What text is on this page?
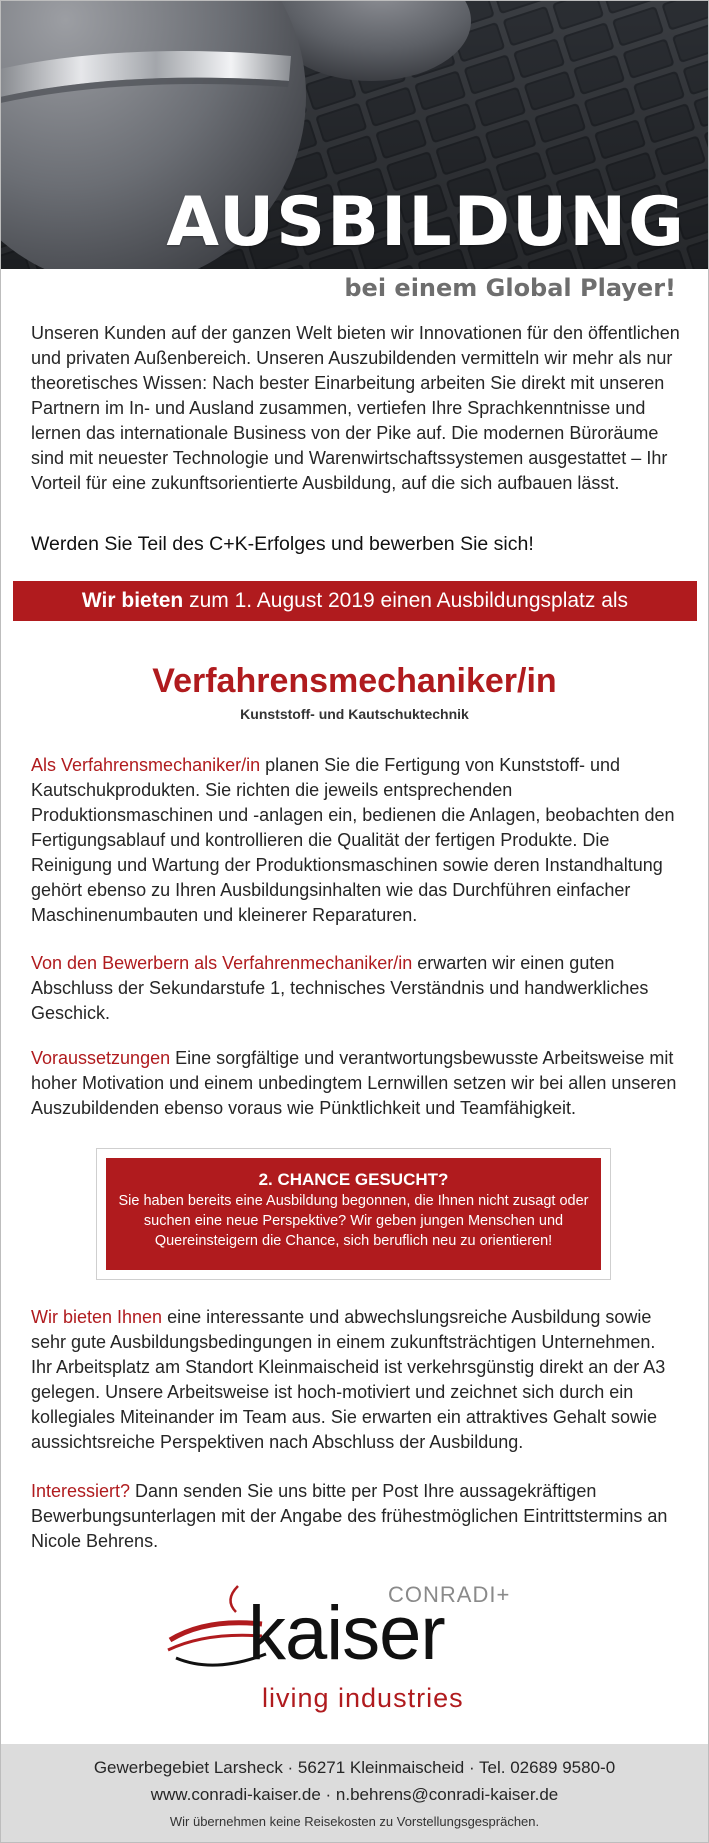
AUSBILDUNG
bei einem Global Player!

Unseren Kunden auf der ganzen Welt bieten wir Innovationen für den öffentlichen und privaten Außenbereich. Unseren Auszubildenden vermitteln wir mehr als nur theoretisches Wissen: Nach bester Einarbeitung arbeiten Sie direkt mit unseren Partnern im In- und Ausland zusammen, vertiefen Ihre Sprachkenntnisse und lernen das internationale Business von der Pike auf. Die modernen Büroräume sind mit neuester Technologie und Warenwirtschaftssystemen ausgestattet – Ihr Vorteil für eine zukunftsorientierte Ausbildung, auf die sich aufbauen lässt.

Werden Sie Teil des C+K-Erfolges und bewerben Sie sich!

Wir bieten zum 1. August 2019 einen Ausbildungsplatz als
Verfahrensmechaniker/in
Kunststoff- und Kautschuktechnik

Als Verfahrensmechaniker/in planen Sie die Fertigung von Kunststoff- und Kautschukprodukten. Sie richten die jeweils entsprechenden Produktionsmaschinen und -anlagen ein, bedienen die Anlagen, beobachten den Fertigungsablauf und kontrollieren die Qualität der fertigen Produkte. Die Reinigung und Wartung der Produktionsmaschinen sowie deren Instandhaltung gehört ebenso zu Ihren Ausbildungsinhalten wie das Durchführen einfacher Maschinenumbauten und kleinerer Reparaturen.

Von den Bewerbern als Verfahrenmechaniker/in erwarten wir einen guten Abschluss der Sekundarstufe 1, technisches Verständnis und handwerkliches Geschick.

Voraussetzungen Eine sorgfältige und verantwortungsbewusste Arbeitsweise mit hoher Motivation und einem unbedingtem Lernwillen setzen wir bei allen unseren Auszubildenden ebenso voraus wie Pünktlichkeit und Teamfähigkeit.

2. CHANCE GESUCHT?
Sie haben bereits eine Ausbildung begonnen, die Ihnen nicht zusagt oder suchen eine neue Perspektive? Wir geben jungen Menschen und Quereinsteigern die Chance, sich beruflich neu zu orientieren!

Wir bieten Ihnen eine interessante und abwechslungsreiche Ausbildung sowie sehr gute Ausbildungsbedingungen in einem zukunftsträchtigen Unternehmen. Ihr Arbeitsplatz am Standort Kleinmaischeid ist verkehrsgünstig direkt an der A3 gelegen. Unsere Arbeitsweise ist hoch-motiviert und zeichnet sich durch ein kollegiales Miteinander im Team aus. Sie erwarten ein attraktives Gehalt sowie aussichtsreiche Perspektiven nach Abschluss der Ausbildung.

Interessiert? Dann senden Sie uns bitte per Post Ihre aussagekräftigen Bewerbungsunterlagen mit der Angabe des frühestmöglichen Eintrittstermins an Nicole Behrens.

CONRADI+
kaiser
living industries
Gewerbegebiet Larsheck · 56271 Kleinmaischeid · Tel. 02689 9580-0
www.conradi-kaiser.de · n.behrens@conradi-kaiser.de
Wir übernehmen keine Reisekosten zu Vorstellungsgesprächen.
